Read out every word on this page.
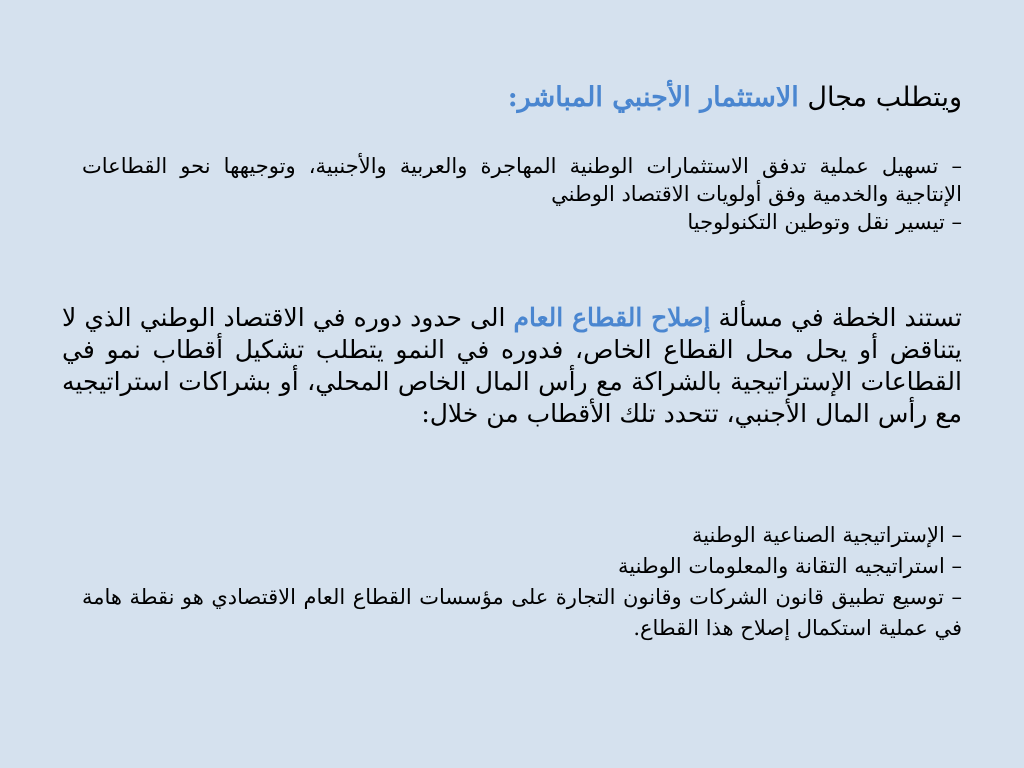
ويتطلب مجال الاستثمار الأجنبي المباشر:

– تسهيل عملية تدفق الاستثمارات الوطنية المهاجرة والعربية والأجنبية، وتوجيهها نحو القطاعات الإنتاجية والخدمية وفق أولويات الاقتصاد الوطني

– تيسير نقل وتوطين التكنولوجيا

تستند الخطة في مسألة إصلاح القطاع العام الى حدود دوره في الاقتصاد الوطني الذي لا يتناقض أو يحل محل القطاع الخاص، فدوره في النمو يتطلب تشكيل أقطاب نمو في القطاعات الإستراتيجية بالشراكة مع رأس المال الخاص المحلي، أو بشراكات استراتيجيه مع رأس المال الأجنبي، تتحدد تلك الأقطاب من خلال:

– الإستراتيجية الصناعية الوطنية

– استراتيجيه التقانة والمعلومات الوطنية

– توسيع تطبيق قانون الشركات وقانون التجارة على مؤسسات القطاع العام الاقتصادي هو نقطة هامة في عملية استكمال إصلاح هذا القطاع.
